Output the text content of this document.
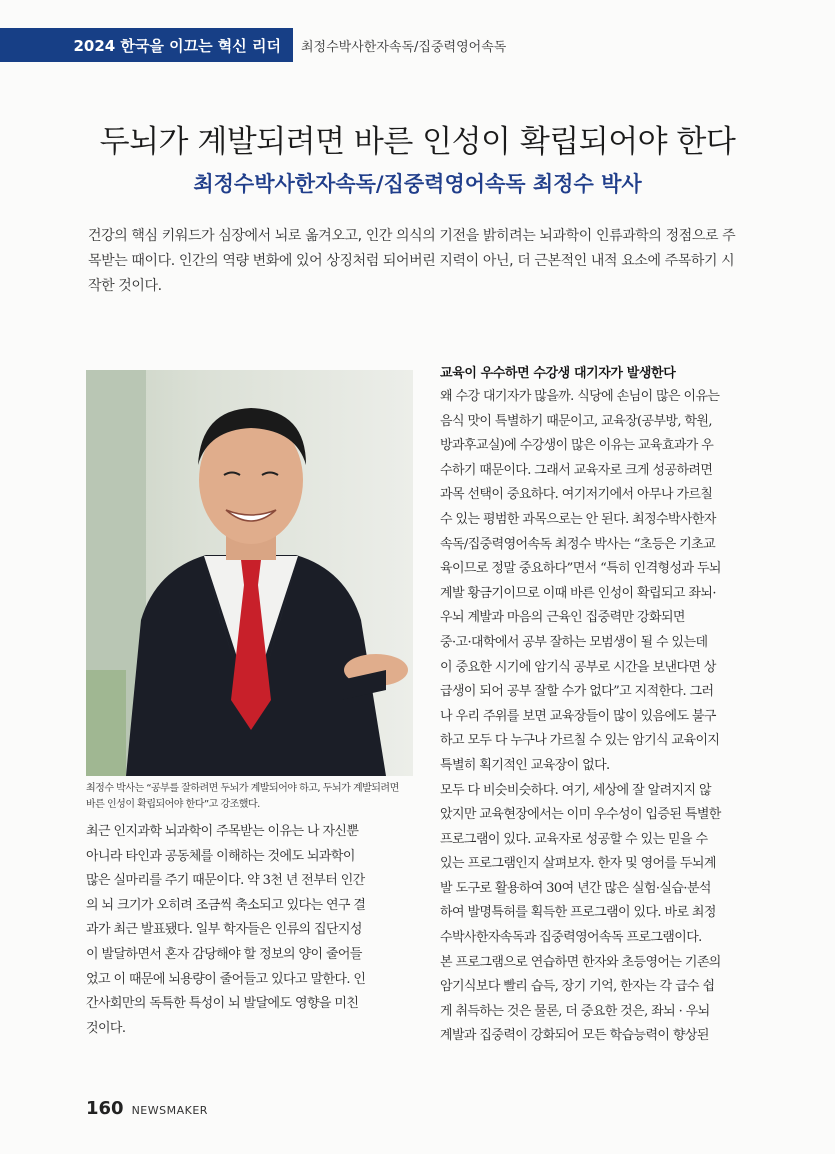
2024 한국을 이끄는 혁신 리더 최정수박사한자속독/집중력영어속독
두뇌가 계발되려면 바른 인성이 확립되어야 한다
최정수박사한자속독/집중력영어속독 최정수 박사

건강의 핵심 키워드가 심장에서 뇌로 옮겨오고, 인간 의식의 기전을 밝히려는 뇌과학이 인류과학의 정점으로 주

목받는 때이다. 인간의 역량 변화에 있어 상징처럼 되어버린 지력이 아닌, 더 근본적인 내적 요소에 주목하기 시

작한 것이다.

최정수 박사는 “공부를 잘하려면 두뇌가 계발되어야 하고, 두뇌가 계발되려면

바른 인성이 확립되어야 한다”고 강조했다.

최근 인지과학 뇌과학이 주목받는 이유는 나 자신뿐

아니라 타인과 공동체를 이해하는 것에도 뇌과학이

많은 실마리를 주기 때문이다. 약 3천 년 전부터 인간

의 뇌 크기가 오히려 조금씩 축소되고 있다는 연구 결

과가 최근 발표됐다. 일부 학자들은 인류의 집단지성

이 발달하면서 혼자 감당해야 할 정보의 양이 줄어들

었고 이 때문에 뇌용량이 줄어들고 있다고 말한다. 인

간사회만의 독특한 특성이 뇌 발달에도 영향을 미친

것이다.

교육이 우수하면 수강생 대기자가 발생한다

왜 수강 대기자가 많을까. 식당에 손님이 많은 이유는

음식 맛이 특별하기 때문이고, 교육장(공부방, 학원,

방과후교실)에 수강생이 많은 이유는 교육효과가 우

수하기 때문이다. 그래서 교육자로 크게 성공하려면

과목 선택이 중요하다. 여기저기에서 아무나 가르칠

수 있는 평범한 과목으로는 안 된다. 최정수박사한자

속독/집중력영어속독 최정수 박사는 “초등은 기초교

육이므로 정말 중요하다”면서 “특히 인격형성과 두뇌

계발 황금기이므로 이때 바른 인성이 확립되고 좌뇌·

우뇌 계발과 마음의 근육인 집중력만 강화되면

중·고·대학에서 공부 잘하는 모범생이 될 수 있는데

이 중요한 시기에 암기식 공부로 시간을 보낸다면 상

급생이 되어 공부 잘할 수가 없다”고 지적한다. 그러

나 우리 주위를 보면 교육장들이 많이 있음에도 불구

하고 모두 다 누구나 가르칠 수 있는 암기식 교육이지

특별히 획기적인 교육장이 없다.

모두 다 비슷비슷하다. 여기, 세상에 잘 알려지지 않

았지만 교육현장에서는 이미 우수성이 입증된 특별한

프로그램이 있다. 교육자로 성공할 수 있는 믿을 수

있는 프로그램인지 살펴보자. 한자 및 영어를 두뇌계

발 도구로 활용하여 30여 년간 많은 실험·실습·분석

하여 발명특허를 획득한 프로그램이 있다. 바로 최정

수박사한자속독과 집중력영어속독 프로그램이다.

본 프로그램으로 연습하면 한자와 초등영어는 기존의

암기식보다 빨리 습득, 장기 기억, 한자는 각 급수 쉽

게 취득하는 것은 물론, 더 중요한 것은, 좌뇌 · 우뇌

계발과 집중력이 강화되어 모든 학습능력이 향상된

160 NEWSMAKER
